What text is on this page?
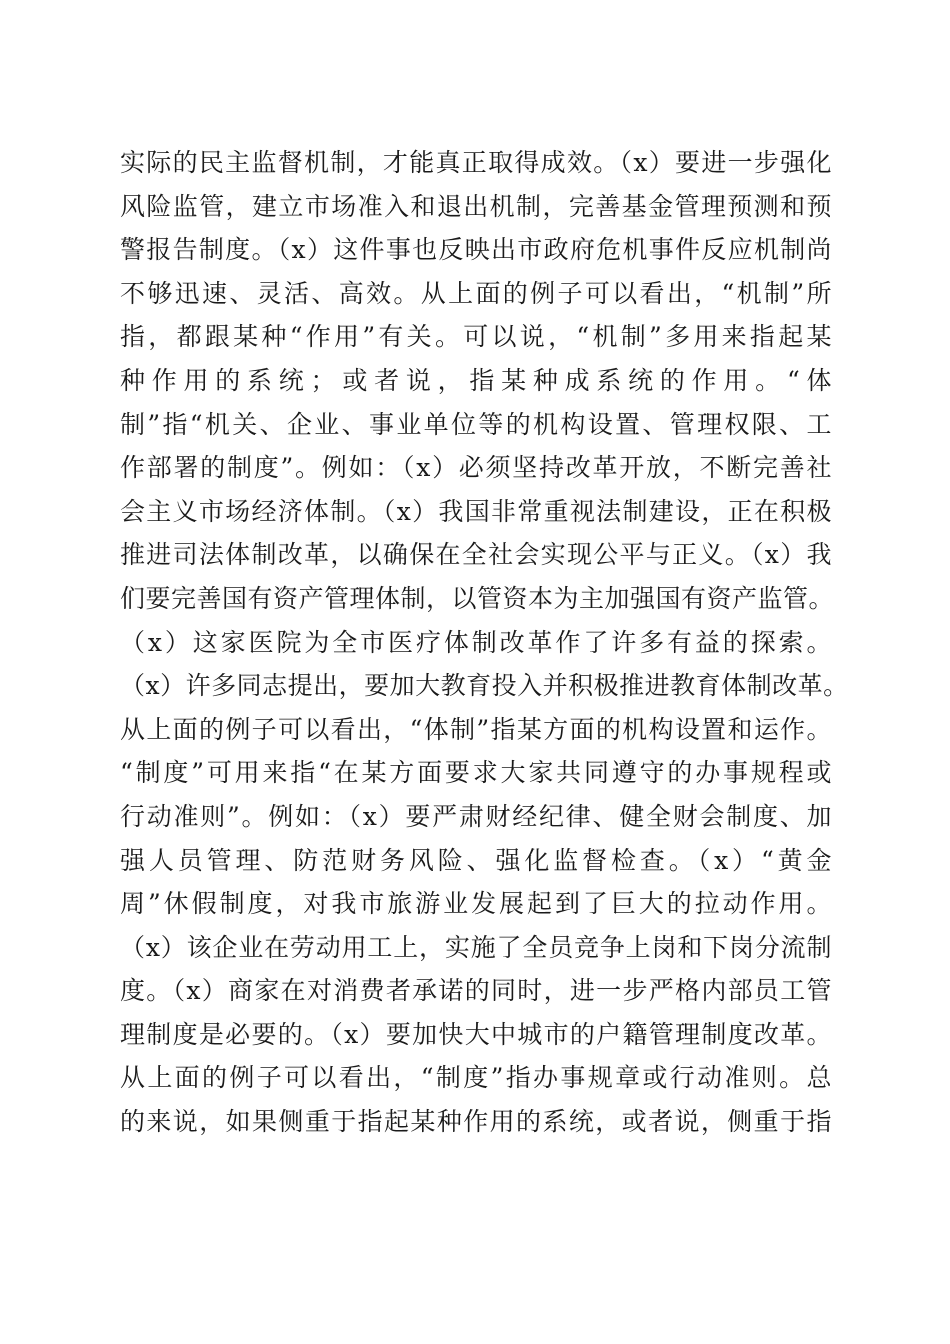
实际的民主监督机制，才能真正取得成效。（x）要进一步强化
风险监管，建立市场准入和退出机制，完善基金管理预测和预
警报告制度。（x）这件事也反映出市政府危机事件反应机制尚
不够迅速、灵活、高效。从上面的例子可以看出，“机制”所
指，都跟某种“作用”有关。可以说，“机制”多用来指起某
种作用的系统；或者说，指某种成系统的作用。“体
制”指“机关、企业、事业单位等的机构设置、管理权限、工
作部署的制度”。例如：（x）必须坚持改革开放，不断完善社
会主义市场经济体制。（x）我国非常重视法制建设，正在积极
推进司法体制改革，以确保在全社会实现公平与正义。（x）我
们要完善国有资产管理体制，以管资本为主加强国有资产监管。
（x）这家医院为全市医疗体制改革作了许多有益的探索。
（x）许多同志提出，要加大教育投入并积极推进教育体制改革。
从上面的例子可以看出，“体制”指某方面的机构设置和运作。
“制度”可用来指“在某方面要求大家共同遵守的办事规程或
行动准则”。例如：（x）要严肃财经纪律、健全财会制度、加
强人员管理、防范财务风险、强化监督检查。（x）“黄金
周”休假制度，对我市旅游业发展起到了巨大的拉动作用。
（x）该企业在劳动用工上，实施了全员竞争上岗和下岗分流制
度。（x）商家在对消费者承诺的同时，进一步严格内部员工管
理制度是必要的。（x）要加快大中城市的户籍管理制度改革。
从上面的例子可以看出，“制度”指办事规章或行动准则。总
的来说，如果侧重于指起某种作用的系统，或者说，侧重于指
